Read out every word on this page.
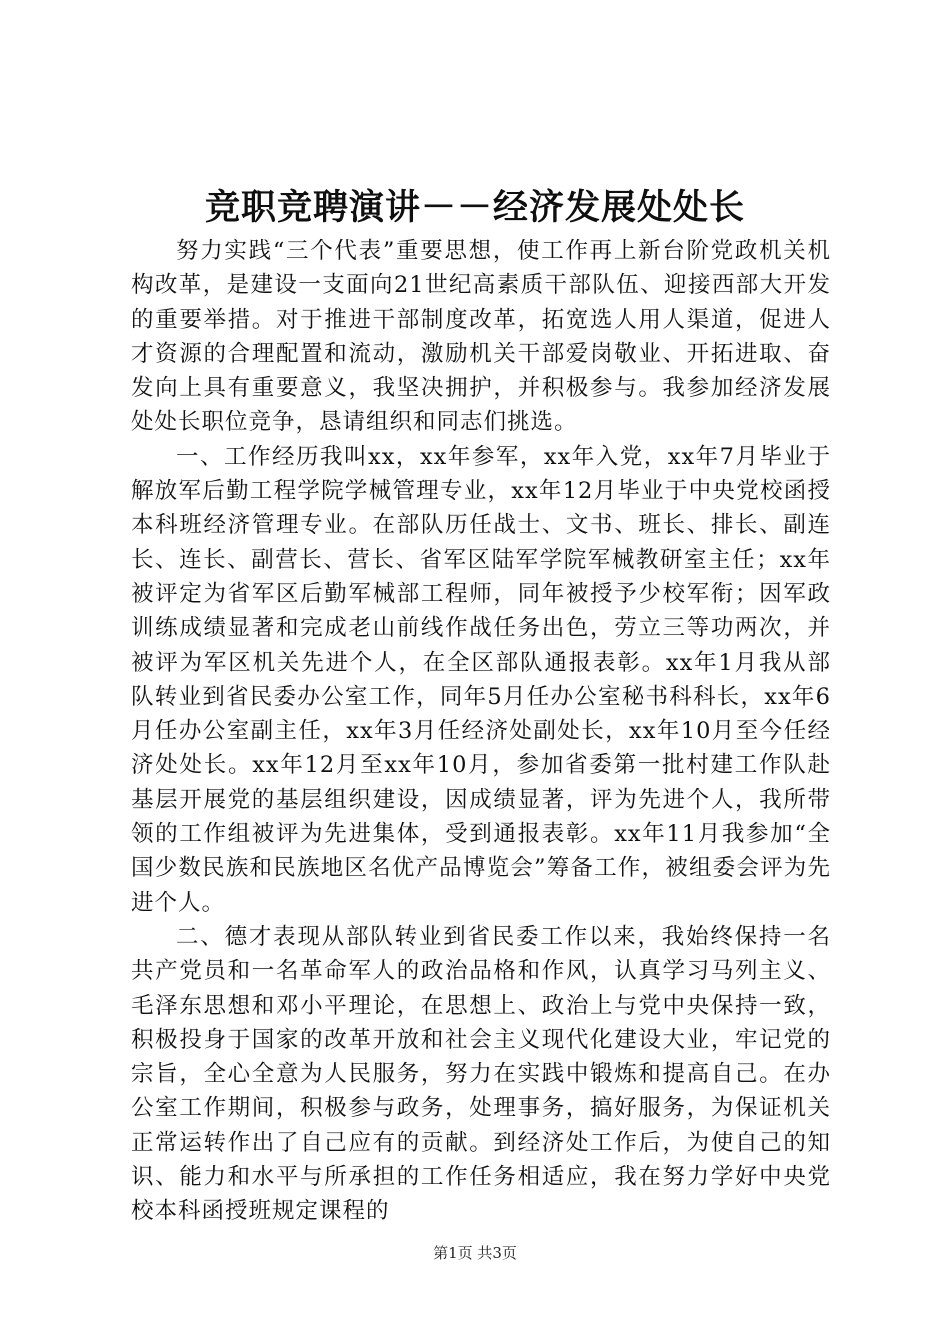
竞职竞聘演讲－－经济发展处处长

努力实践“三个代表”重要思想，使工作再上新台阶党政机关机构改革，是建设一支面向21世纪高素质干部队伍、迎接西部大开发的重要举措。对于推进干部制度改革，拓宽选人用人渠道，促进人才资源的合理配置和流动，激励机关干部爱岗敬业、开拓进取、奋发向上具有重要意义，我坚决拥护，并积极参与。我参加经济发展处处长职位竞争，恳请组织和同志们挑选。

一、工作经历我叫xx，xx年参军，xx年入党，xx年7月毕业于解放军后勤工程学院学械管理专业，xx年12月毕业于中央党校函授本科班经济管理专业。在部队历任战士、文书、班长、排长、副连长、连长、副营长、营长、省军区陆军学院军械教研室主任；xx年被评定为省军区后勤军械部工程师，同年被授予少校军衔；因军政训练成绩显著和完成老山前线作战任务出色，劳立三等功两次，并被评为军区机关先进个人，在全区部队通报表彰。xx年1月我从部队转业到省民委办公室工作，同年5月任办公室秘书科科长，xx年6月任办公室副主任，xx年3月任经济处副处长，xx年10月至今任经济处处长。xx年12月至xx年10月，参加省委第一批村建工作队赴基层开展党的基层组织建设，因成绩显著，评为先进个人，我所带领的工作组被评为先进集体，受到通报表彰。xx年11月我参加“全国少数民族和民族地区名优产品博览会”筹备工作，被组委会评为先进个人。

二、德才表现从部队转业到省民委工作以来，我始终保持一名共产党员和一名革命军人的政治品格和作风，认真学习马列主义、毛泽东思想和邓小平理论，在思想上、政治上与党中央保持一致，积极投身于国家的改革开放和社会主义现代化建设大业，牢记党的宗旨，全心全意为人民服务，努力在实践中锻炼和提高自己。在办公室工作期间，积极参与政务，处理事务，搞好服务，为保证机关正常运转作出了自己应有的贡献。到经济处工作后，为使自己的知识、能力和水平与所承担的工作任务相适应，我在努力学好中央党校本科函授班规定课程的

第1页 共3页
